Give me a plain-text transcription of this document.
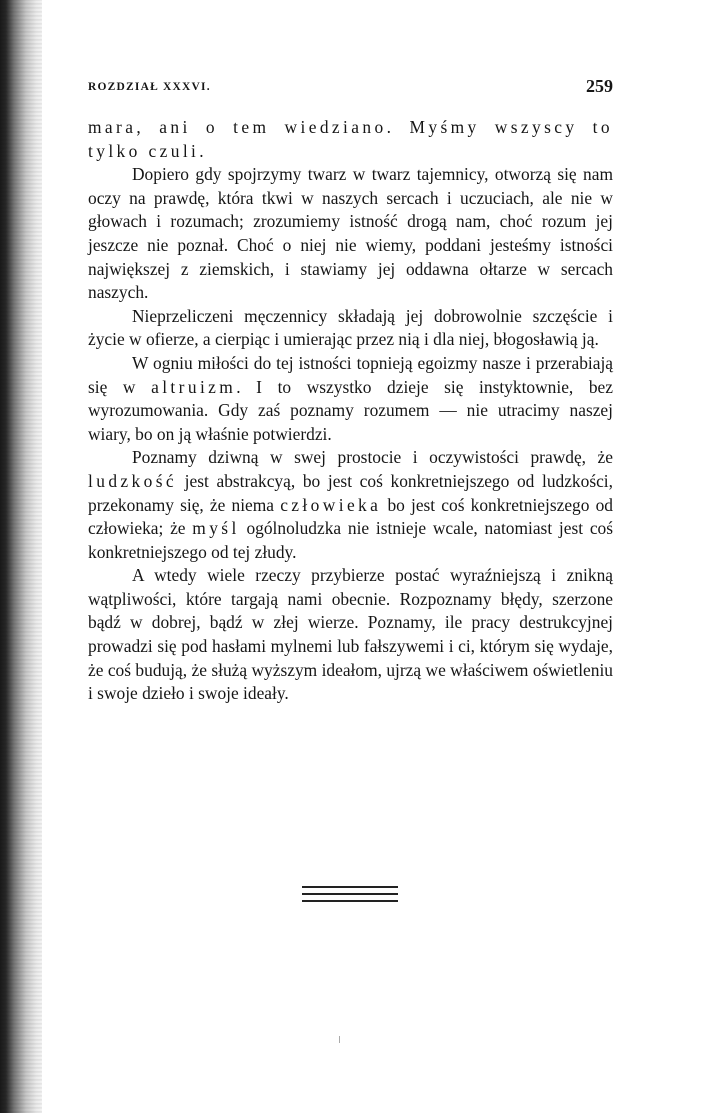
ROZDZIAŁ XXXVI.	259

mara, ani o tem wiedziano. Myśmy wszyscy to tylko czuli.

Dopiero gdy spojrzymy twarz w twarz tajemnicy, otworzą się nam oczy na prawdę, która tkwi w naszych sercach i uczuciach, ale nie w głowach i rozumach; zrozumiemy istność drogą nam, choć rozum jej jeszcze nie poznał. Choć o niej nie wiemy, poddani jesteśmy istności największej z ziemskich, i stawiamy jej oddawna ołtarze w sercach naszych.

Nieprzeliczeni męczennicy składają jej dobrowolnie szczęście i życie w ofierze, a cierpiąc i umierając przez nią i dla niej, błogosławią ją.

W ogniu miłości do tej istności topnieją egoizmy nasze i przerabiają się w altruizm. I to wszystko dzieje się instyktownie, bez wyrozumowania. Gdy zaś poznamy rozumem — nie utracimy naszej wiary, bo on ją właśnie potwierdzi.

Poznamy dziwną w swej prostocie i oczywistości prawdę, że ludzkość jest abstrakcyą, bo jest coś konkretniejszego od ludzkości, przekonamy się, że niema człowieka bo jest coś konkretniejszego od człowieka; że myśl ogólnoludzka nie istnieje wcale, natomiast jest coś konkretniejszego od tej złudy.

A wtedy wiele rzeczy przybierze postać wyraźniejszą i znikną wątpliwości, które targają nami obecnie. Rozpoznamy błędy, szerzone bądź w dobrej, bądź w złej wierze. Poznamy, ile pracy destrukcyjnej prowadzi się pod hasłami mylnemi lub fałszywemi i ci, którym się wydaje, że coś budują, że służą wyższym ideałom, ujrzą we właściwem oświetleniu i swoje dzieło i swoje ideały.
